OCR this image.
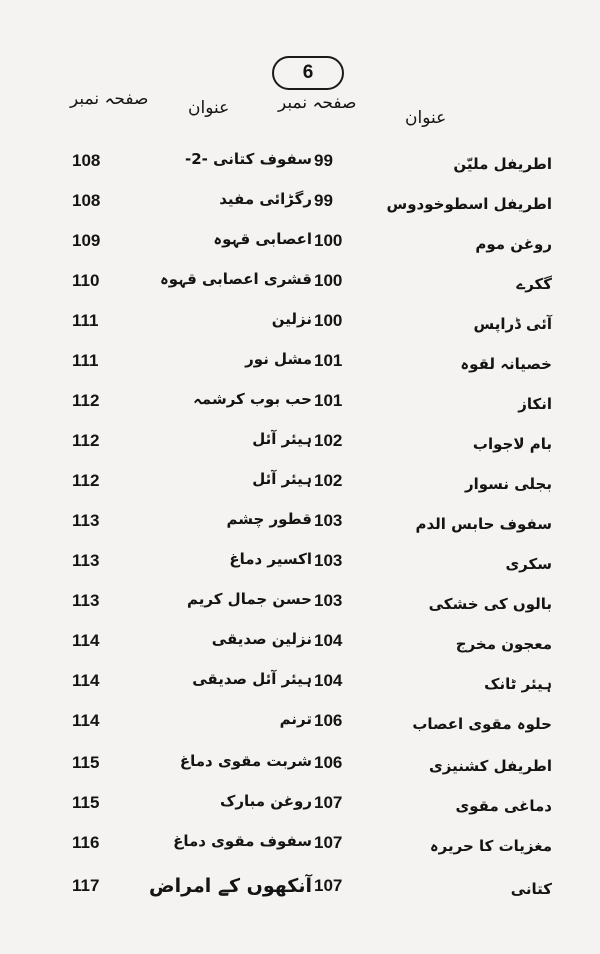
6
عنوان
صفحہ نمبر
عنوان
صفحہ نمبر
اطریفل ملیّن
99
سفوف کتانی -2-
108
اطریفل اسطوخودوس
99
رگڑائی مفید
108
روغن موم
100
اعصابی قہوہ
109
گکرے
100
قشری اعصابی قہوہ
110
آئی ڈراپس
100
نزلین
111
خصیانہ لقوہ
101
مشل نور
111
انکاز
101
حب بوب کرشمہ
112
بام لاجواب
102
ہیئر آئل
112
بجلی نسوار
102
ہیئر آئل
112
سفوف حابس الدم
103
قطور چشم
113
سکری
103
اکسیر دماغ
113
بالوں کی خشکی
103
حسن جمال کریم
113
معجون مخرج
104
نزلین صدیقی
114
ہیئر ٹانک
104
ہیئر آئل صدیقی
114
حلوہ مقوی اعصاب
106
ترنم
114
اطریفل کشنیزی
106
شربت مقوی دماغ
115
دماغی مقوی
107
روغن مبارک
115
مغزیات کا حریرہ
107
سفوف مقوی دماغ
116
کتانی
107
آنکھوں کے امراض
117
